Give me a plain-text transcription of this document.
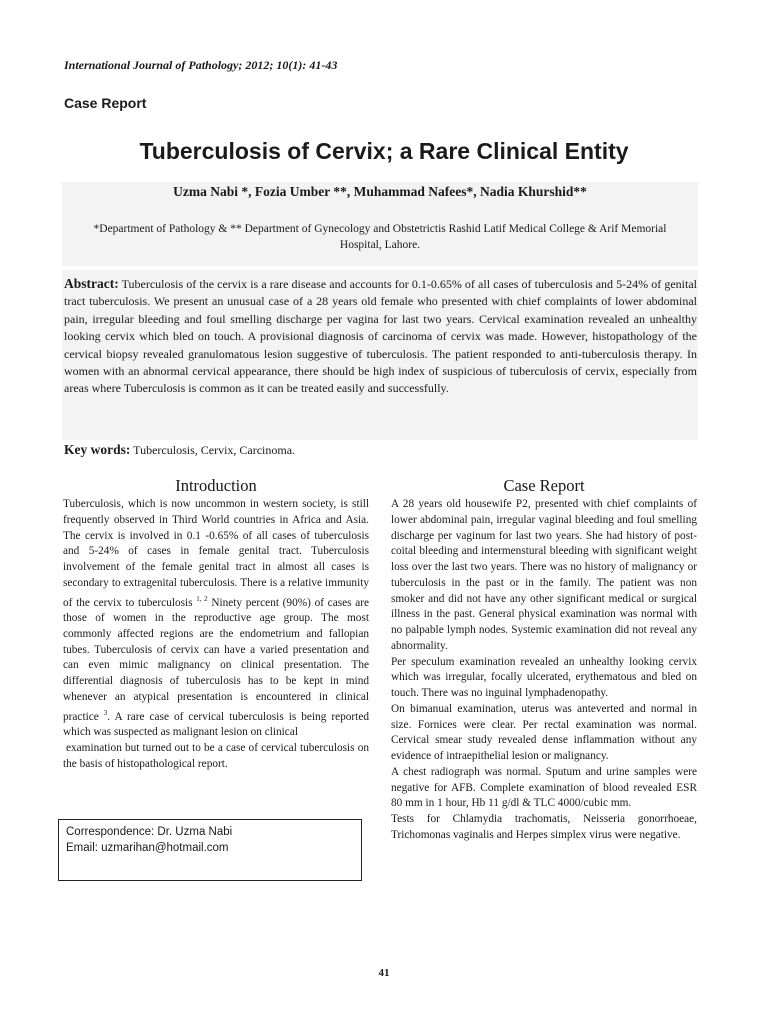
International Journal of Pathology; 2012; 10(1): 41-43
Case Report
Tuberculosis of Cervix; a Rare Clinical Entity
Uzma Nabi *, Fozia Umber **, Muhammad Nafees*, Nadia Khurshid**
*Department of Pathology & ** Department of Gynecology and Obstetrictis Rashid Latif Medical College & Arif Memorial Hospital, Lahore.
Abstract: Tuberculosis of the cervix is a rare disease and accounts for 0.1-0.65% of all cases of tuberculosis and 5-24% of genital tract tuberculosis. We present an unusual case of a 28 years old female who presented with chief complaints of lower abdominal pain, irregular bleeding and foul smelling discharge per vagina for last two years. Cervical examination revealed an unhealthy looking cervix which bled on touch. A provisional diagnosis of carcinoma of cervix was made. However, histopathology of the cervical biopsy revealed granulomatous lesion suggestive of tuberculosis. The patient responded to anti-tuberculosis therapy. In women with an abnormal cervical appearance, there should be high index of suspicious of tuberculosis of cervix, especially from areas where Tuberculosis is common as it can be treated easily and successfully.
Key words: Tuberculosis, Cervix, Carcinoma.
Introduction

Tuberculosis, which is now uncommon in western society, is still frequently observed in Third World countries in Africa and Asia. The cervix is involved in 0.1 -0.65% of all cases of tuberculosis and 5-24% of cases in female genital tract. Tuberculosis involvement of the female genital tract in almost all cases is secondary to extragenital tuberculosis. There is a relative immunity of the cervix to tuberculosis $^{1, 2}$ Ninety percent (90%) of cases are those of women in the reproductive age group. The most commonly affected regions are the endometrium and fallopian tubes. Tuberculosis of cervix can have a varied presentation and can even mimic malignancy on clinical presentation. The differential diagnosis of tuberculosis has to be kept in mind whenever an atypical presentation is encountered in clinical practice $^3$. A rare case of cervical tuberculosis is being reported which was suspected as malignant lesion on clinical

examination but turned out to be a case of cervical tuberculosis on the basis of histopathological report.

Correspondence: Dr. Uzma Nabi
Email: uzmarihan@hotmail.com
Case Report

A 28 years old housewife P2, presented with chief complaints of lower abdominal pain, irregular vaginal bleeding and foul smelling discharge per vaginum for last two years. She had history of post-coital bleeding and intermenstural bleeding with significant weight loss over the last two years. There was no history of malignancy or tuberculosis in the past or in the family. The patient was non smoker and did not have any other significant medical or surgical illness in the past. General physical examination was normal with no palpable lymph nodes. Systemic examination did not reveal any abnormality.

Per speculum examination revealed an unhealthy looking cervix which was irregular, focally ulcerated, erythematous and bled on touch. There was no inguinal lymphadenopathy.

On bimanual examination, uterus was anteverted and normal in size. Fornices were clear. Per rectal examination was normal. Cervical smear study revealed dense inflammation without any evidence of intraepithelial lesion or malignancy.

A chest radiograph was normal. Sputum and urine samples were negative for AFB. Complete examination of blood revealed ESR 80 mm in 1 hour, Hb 11 g/dl & TLC 4000/cubic mm.

Tests for Chlamydia trachomatis, Neisseria gonorrhoeae, Trichomonas vaginalis and Herpes simplex virus were negative.

41
